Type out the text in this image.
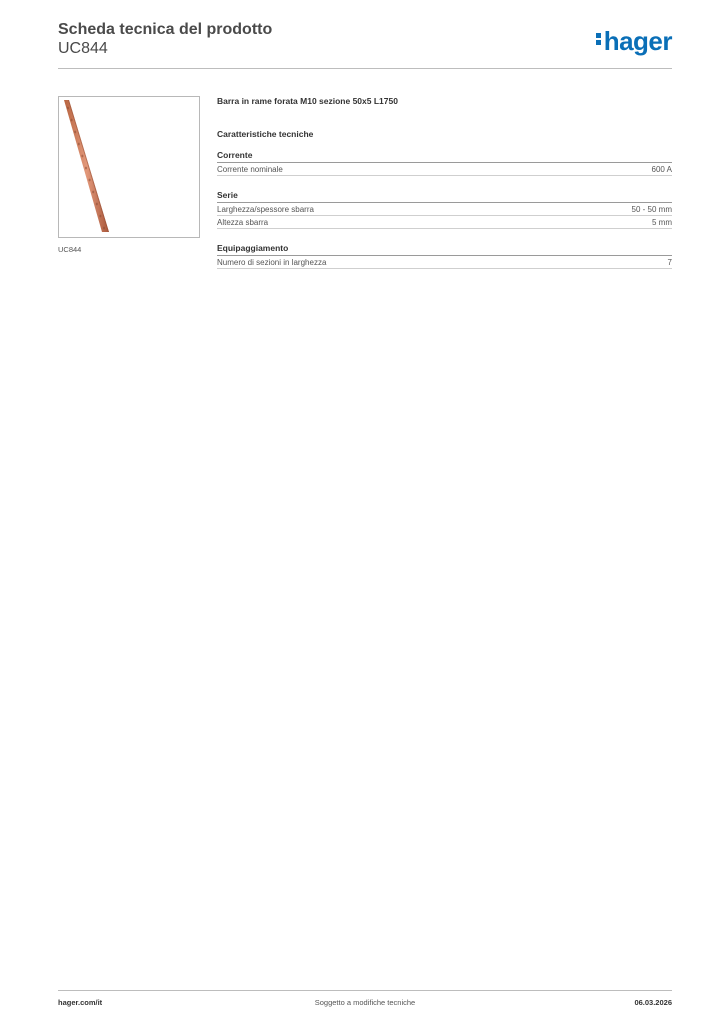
Scheda tecnica del prodotto
UC844	hager
UC844
Barra in rame forata M10 sezione 50x5 L1750
Caratteristiche tecniche
Corrente
Corrente nominale	600 A
Serie
Larghezza/spessore sbarra	50 - 50 mm
Altezza sbarra	5 mm
Equipaggiamento
Numero di sezioni in larghezza	7
hager.com/it	Soggetto a modifiche tecniche	06.03.2026
